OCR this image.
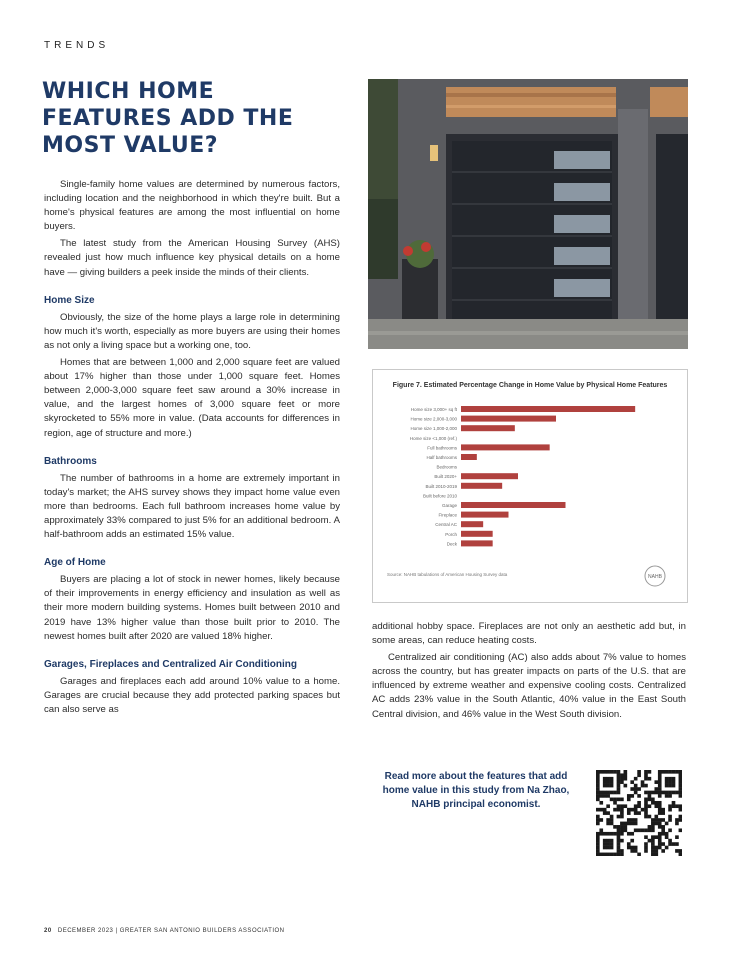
TRENDS
WHICH HOME FEATURES ADD THE MOST VALUE?

Single-family home values are determined by numerous factors, including location and the neighborhood in which they're built. But a home's physical features are among the most influential on home buyers.

The latest study from the American Housing Survey (AHS) revealed just how much influence key physical details on a home have — giving builders a peek inside the minds of their clients.

Home Size

Obviously, the size of the home plays a large role in determining how much it's worth, especially as more buyers are using their homes as not only a living space but a working one, too.

Homes that are between 1,000 and 2,000 square feet are valued about 17% higher than those under 1,000 square feet. Homes between 2,000-3,000 square feet saw around a 30% increase in value, and the largest homes of 3,000 square feet or more skyrocketed to 55% more in value. (Data accounts for differences in region, age of structure and more.)

Bathrooms

The number of bathrooms in a home are extremely important in today's market; the AHS survey shows they impact home value even more than bedrooms. Each full bathroom increases home value by approximately 33% compared to just 5% for an additional bedroom. A half-bathroom adds an estimated 15% value.

Age of Home

Buyers are placing a lot of stock in newer homes, likely because of their improvements in energy efficiency and insulation as well as their more modern building systems. Homes built between 2010 and 2019 have 13% higher value than those built prior to 2010. The newest homes built after 2020 are valued 18% higher.

Garages, Fireplaces and Centralized Air Conditioning

Garages and fireplaces each add around 10% value to a home. Garages are crucial because they add protected parking spaces but can also serve as

Figure 7. Estimated Percentage Change in Home Value by Physical Home Features
Home size 3,000+ sq ft
Home size 2,000-3,000
Home size 1,000-2,000
Home size <1,000 (ref.)
Full bathrooms
Half bathrooms
Bedrooms
Built 2020+
Built 2010-2019
Built before 2010
Garage
Fireplace
Central AC
Porch
Deck
Source: NAHB tabulations of American Housing Survey data	NAHB

additional hobby space. Fireplaces are not only an aesthetic add but, in some areas, can reduce heating costs.

Centralized air conditioning (AC) also adds about 7% value to homes across the country, but has greater impacts on parts of the U.S. that are influenced by extreme weather and expensive cooling costs. Centralized AC adds 23% value in the South Atlantic, 40% value in the East South Central division, and 46% value in the West South division.

Read more about the features that add home value in this study from Na Zhao, NAHB principal economist.

20 DECEMBER 2023 | GREATER SAN ANTONIO BUILDERS ASSOCIATION
